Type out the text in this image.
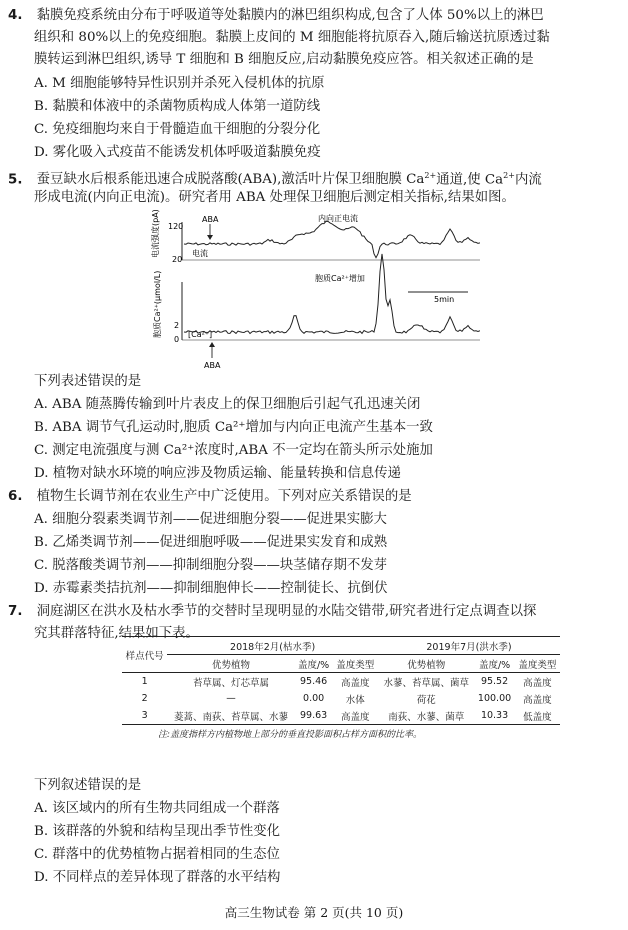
4. 黏膜免疫系统由分布于呼吸道等处黏膜内的淋巴组织构成,包含了人体 50%以上的淋巴
组织和 80%以上的免疫细胞。黏膜上皮间的 M 细胞能将抗原吞入,随后输送抗原透过黏
膜转运到淋巴组织,诱导 T 细胞和 B 细胞反应,启动黏膜免疫应答。相关叙述正确的是
A. M 细胞能够特异性识别并杀死入侵机体的抗原
B. 黏膜和体液中的杀菌物质构成人体第一道防线
C. 免疫细胞均来自于骨髓造血干细胞的分裂分化
D. 雾化吸入式疫苗不能诱发机体呼吸道黏膜免疫
5. 蚕豆缺水后根系能迅速合成脱落酸(ABA),激活叶片保卫细胞膜 $Ca^{2+}$通道,使 $Ca^{2+}$内流
形成电流(内向正电流)。研究者用 ABA 处理保卫细胞后测定相关指标,结果如图。
120
20
电流强度(pA)	电流
ABA	内向正电流
2
0
胞质Ca²⁺(μmol/L)	[Ca²⁺]
胞质Ca²⁺增加
5min
ABA
下列表述错误的是
A. ABA 随蒸腾传输到叶片表皮上的保卫细胞后引起气孔迅速关闭
B. ABA 调节气孔运动时,胞质 Ca²⁺增加与内向正电流产生基本一致
C. 测定电流强度与测 Ca²⁺浓度时,ABA 不一定均在箭头所示处施加
D. 植物对缺水环境的响应涉及物质运输、能量转换和信息传递
6. 植物生长调节剂在农业生产中广泛使用。下列对应关系错误的是
A. 细胞分裂素类调节剂——促进细胞分裂——促进果实膨大
B. 乙烯类调节剂——促进细胞呼吸——促进果实发育和成熟
C. 脱落酸类调节剂——抑制细胞分裂——块茎储存期不发芽
D. 赤霉素类拮抗剂——抑制细胞伸长——控制徒长、抗倒伏
7. 洞庭湖区在洪水及枯水季节的交替时呈现明显的水陆交错带,研究者进行定点调查以探
究其群落特征,结果如下表。
样点代号	2018年2月(枯水季)			2019年7月(洪水季)		
	优势植物	盖度/%	盖度类型	优势植物	盖度/%	盖度类型
1	苔草属、灯芯草属	95.46	高盖度	水蓼、苔草属、菌草	95.52	高盖度
2	—	0.00	水体	荷花	100.00	高盖度
3	菱蒿、南荻、苔草属、水蓼	99.63	高盖度	南荻、水蓼、菌草	10.33	低盖度
注:盖度指样方内植物地上部分的垂直投影面积占样方面积的比率。
下列叙述错误的是
A. 该区域内的所有生物共同组成一个群落
B. 该群落的外貌和结构呈现出季节性变化
C. 群落中的优势植物占据着相同的生态位
D. 不同样点的差异体现了群落的水平结构
高三生物试卷 第 2 页(共 10 页)
